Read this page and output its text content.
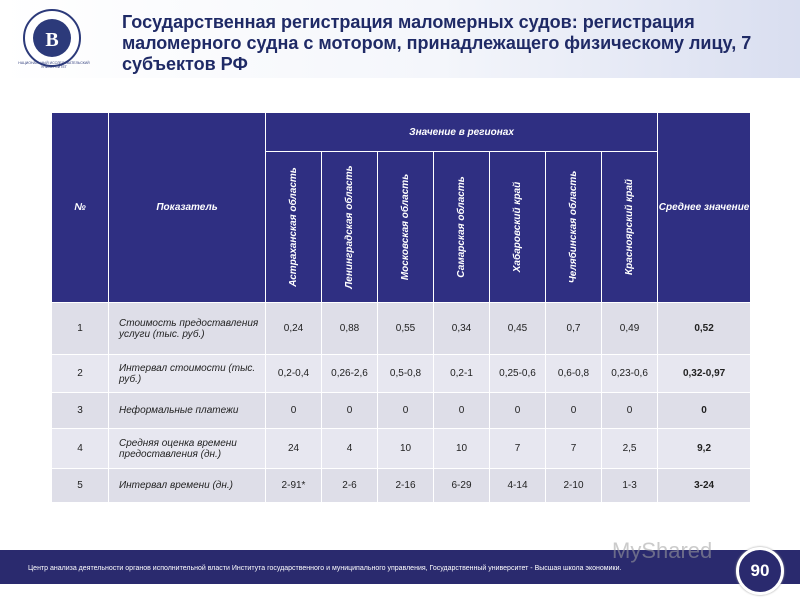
В
НАЦИОНАЛЬНЫЙ ИССЛЕДОВАТЕЛЬСКИЙ УНИВЕРСИТЕТ
Государственная регистрация маломерных судов: регистрация маломерного судна с мотором, принадлежащего физическому лицу, 7 субъектов РФ
№	Показатель	Значение в регионах							Среднее значение

		Астраханская область	Ленинградская область	Московская область	Самарская область	Хабаровский край	Челябинская область	Красноярский край	

1	Стоимость предоставления услуги (тыс. руб.)	0,24	0,88	0,55	0,34	0,45	0,7	0,49	0,52
2	Интервал стоимости (тыс. руб.)	0,2-0,4	0,26-2,6	0,5-0,8	0,2-1	0,25-0,6	0,6-0,8	0,23-0,6	0,32-0,97
3	Неформальные платежи	0	0	0	0	0	0	0	0
4	Средняя оценка времени предоставления (дн.)	24	4	10	10	7	7	2,5	9,2
5	Интервал времени (дн.)	2-91*	2-6	2-16	6-29	4-14	2-10	1-3	3-24
Центр анализа деятельности органов исполнительной власти Института государственного и муниципального управления, Государственный университет - Высшая школа экономики.
MyShared
90
